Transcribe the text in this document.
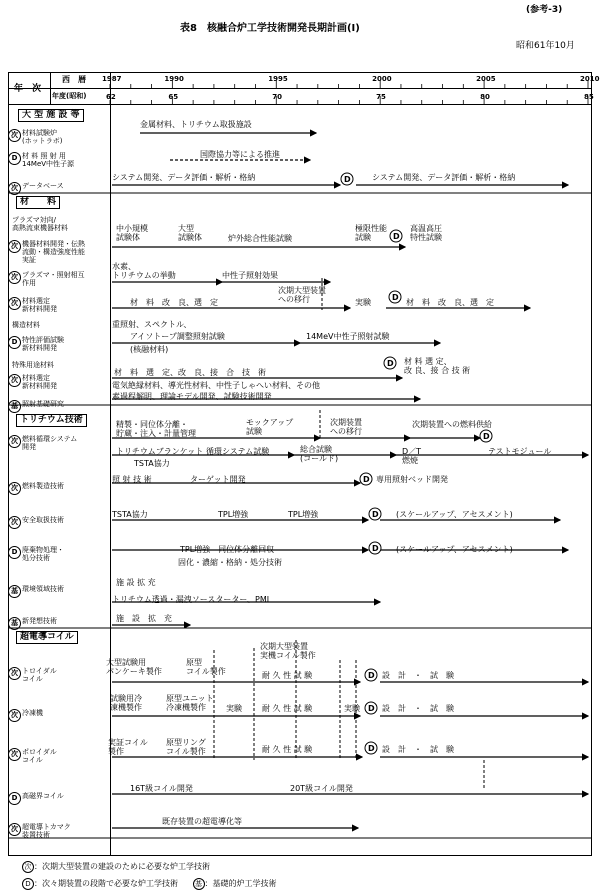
(参考-3)
表8　核融合炉工学技術開発長期計画(Ⅰ)
昭和61年10月
年　次
西　暦
年度(昭和)
1987
62
1990
65
1995
70
2000
75
2005
80
2010
85
大 型 施 設 等
材　　料
トリチウム技術
超電導コイル
次 材料試験炉
(ホットラボ)
D 材 料 照 射 用
14MeV中性子源
次 データベース
プラズマ対向/
高熱流束機器材料
次 機器材料開発・伝熱
流動・構造強度性能
実証
次 プラズマ・照射相互
作用
次 材料選定
新材料開発
構造材料
D 特性評価試験
新材料開発
特殊用途材料
次 材料選定
新材料開発
基 照射基礎研究
次 燃料循環システム
開発
次 燃料製造技術
次 安全取扱技術
D 廃棄物処理・
処分技術
基 環境領域技術
基 新発想技術
次 トロイダル
コイル
次 冷凍機
次 ポロイダル
コイル
D 高磁界コイル
次 超電導トカマク
装置技術
金属材料、トリチウム取扱施設
国際協力等による推進
システム開発、データ評価・解析・格納	システム開発、データ評価・解析・格納
中小規模
試験体
大型
試験体	炉外総合性能試験
極限性能
試験
高温高圧
特性試験
水素、
トリチウムの挙動	中性子照射効果
材　料　改　良、選　定
次期大型装置
への移行	実験	材　料　改　良、選　定
重照射、スペクトル、
アイソトープ調整照射試験
(核融材料)
14MeV中性子照射試験
材　料　選　定、改　良、接　合　技　術
材 料 選 定、
改 良、接 合 技 術
電気絶縁材料、導光性材料、中性子しゃへい材料、その他
素過程解明、理論モデル開発、試験技術開発
精製・同位体分離・
貯蔵・注入・計量管理
モックアップ
試験
次期装置
への移行
次期装置への燃料供給
トリチウムブランケット 循環システム試験	総合試験
(コールド)
D／T
燃焼
テストモジュール
TSTA協力
照 射 技 術	ターゲット開発	専用照射ベッド開発
TSTA協力	TPL増強	TPL増強	(スケールアップ、アセスメント)
TPL増強　同位体分離回収	(スケールアップ、アセスメント)
固化・濃縮・格納・処分技術
施 設 拡 充
トリチウム透過・漏洩ソースターター、PMI
施　設　拡　充
大型試験用
パンケーキ製作
原型
コイル製作
次期大型装置
実機コイル製作
耐 久 性 試 験	設　計　・　試　験
試験用冷
凍機製作
原型ユニット
冷凍機製作	実験	耐 久 性 試 験	実験	設　計　・　試　験
実証コイル
製作
原型リング
コイル製作	耐 久 性 試 験	設　計　・　試　験
16T級コイル開発	20T級コイル開発
既存装置の超電導化等
D
D
D
D
D
D
D
D
D
D
D
次 ：次期大型装置の建設のために必要な炉工学技術
D ：次々期装置の段階で必要な炉工学技術 基 ：基礎的炉工学技術
